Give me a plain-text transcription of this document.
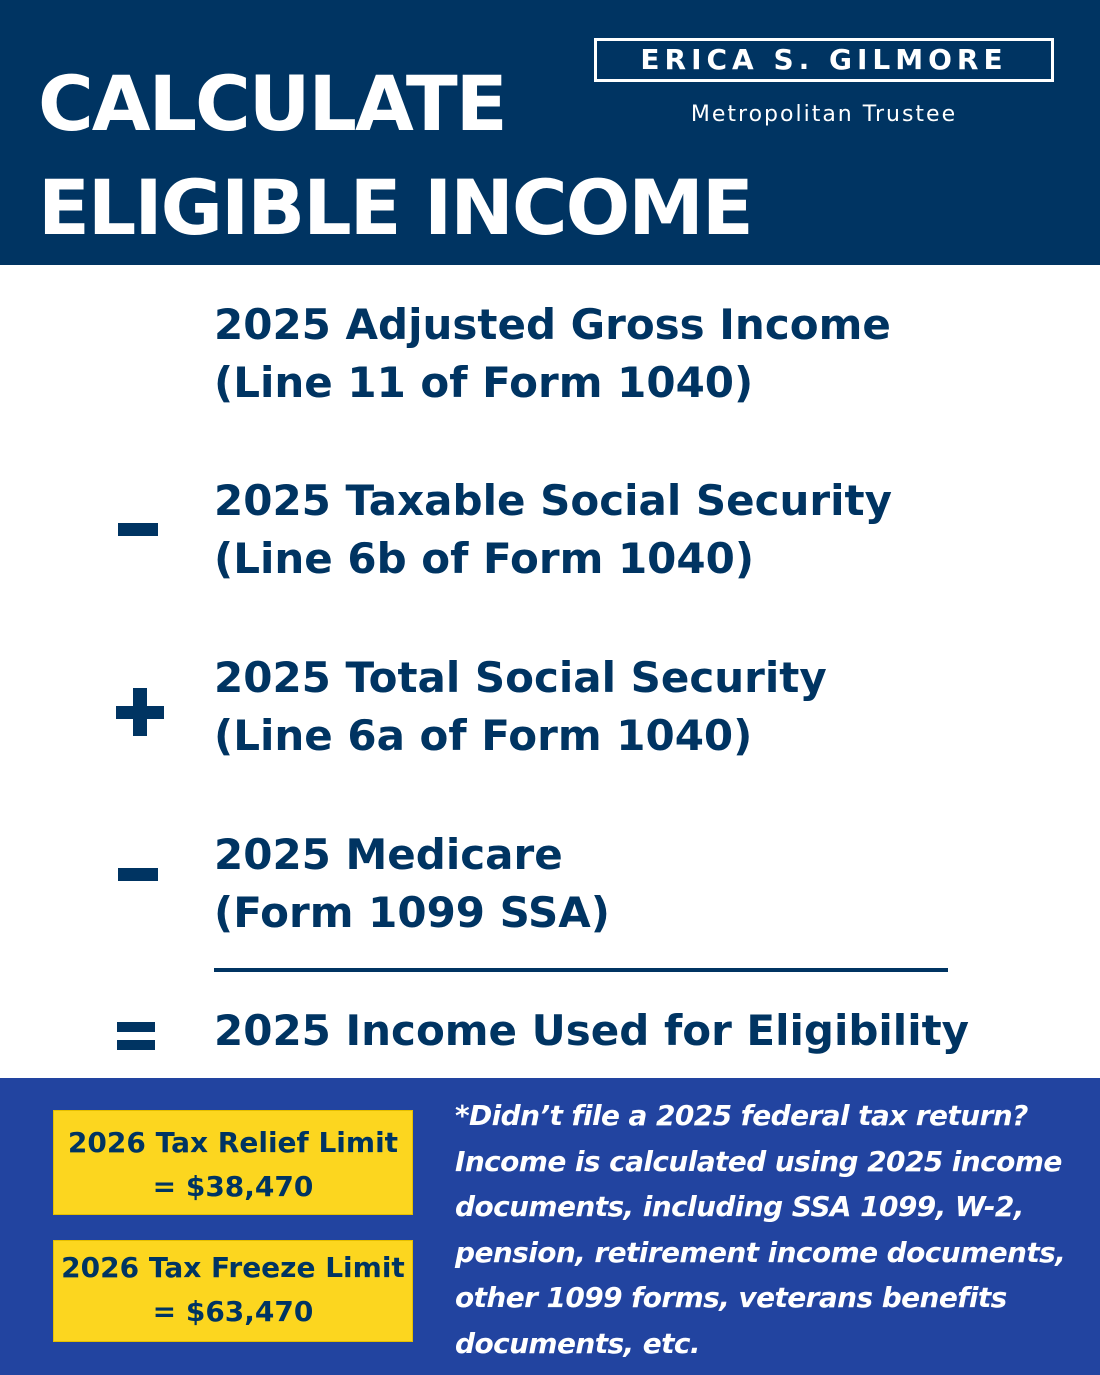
CALCULATE
ELIGIBLE INCOME
ERICA S. GILMORE
Metropolitan Trustee
2025 Adjusted Gross Income
(Line 11 of Form 1040)
2025 Taxable Social Security
(Line 6b of Form 1040)
2025 Total Social Security
(Line 6a of Form 1040)
2025 Medicare
(Form 1099 SSA)
2025 Income Used for Eligibility
2026 Tax Relief Limit
= $38,470
2026 Tax Freeze Limit
= $63,470
*Didn’t file a 2025 federal tax return?
Income is calculated using 2025 income
documents, including SSA 1099, W-2,
pension, retirement income documents,
other 1099 forms, veterans benefits
documents, etc.
